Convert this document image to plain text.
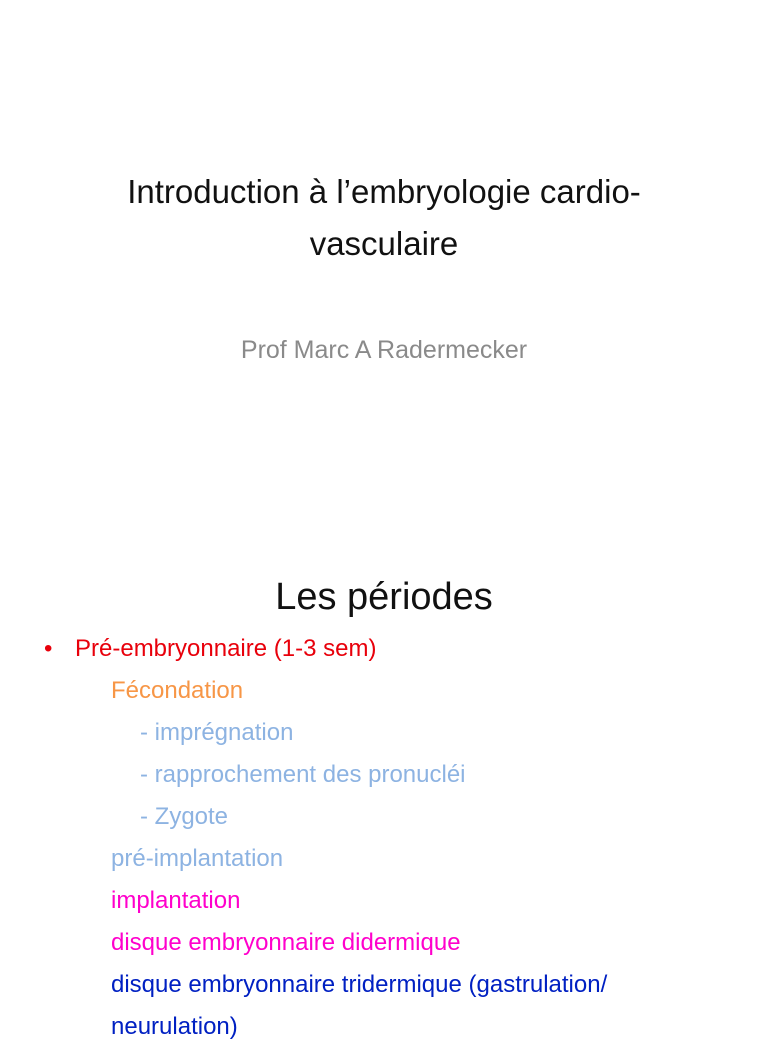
Introduction à l’embryologie cardio-
vasculaire
Prof Marc A Radermecker
Les périodes
• Pré-embryonnaire (1-3 sem)
Fécondation
- imprégnation
- rapprochement des pronucléi
- Zygote
pré-implantation
implantation
disque embryonnaire didermique
disque embryonnaire tridermique (gastrulation/
neurulation)
